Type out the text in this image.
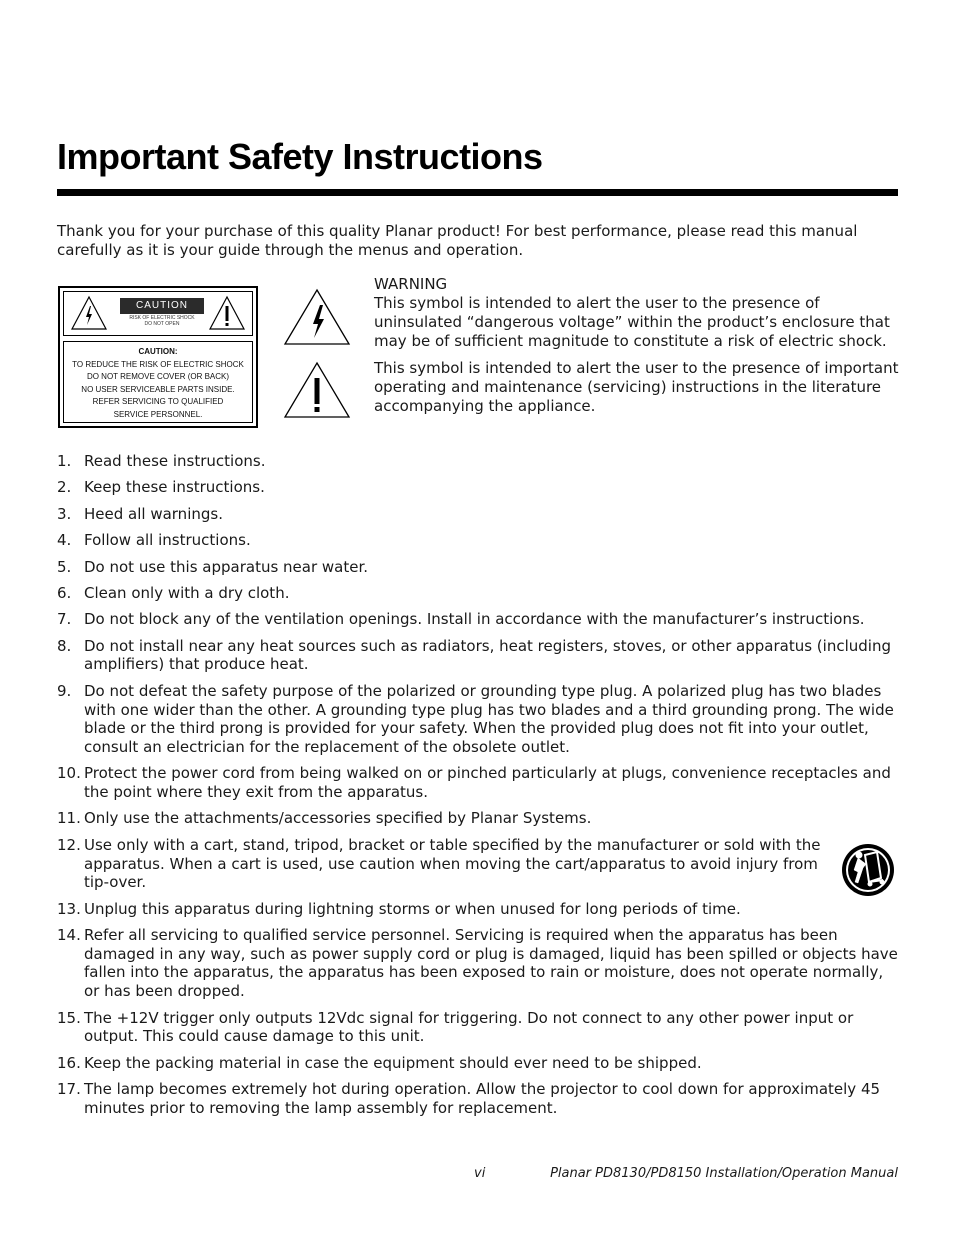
Important Safety Instructions

Thank you for your purchase of this quality Planar product! For best performance, please read this manual carefully as it is your guide through the menus and operation.

CAUTION
RISK OF ELECTRIC SHOCK
DO NOT OPEN
CAUTION:
TO REDUCE THE RISK OF ELECTRIC SHOCK
DO NOT REMOVE COVER (OR BACK)
NO USER SERVICEABLE PARTS INSIDE.
REFER SERVICING TO QUALIFIED
SERVICE PERSONNEL.

WARNING
This symbol is intended to alert the user to the presence of uninsulated “dangerous voltage” within the product’s enclosure that may be of sufficient magnitude to constitute a risk of electric shock.

This symbol is intended to alert the user to the presence of important operating and maintenance (servicing) instructions in the literature accompanying the appliance.

1. Read these instructions.
2. Keep these instructions.
3. Heed all warnings.
4. Follow all instructions.
5. Do not use this apparatus near water.
6. Clean only with a dry cloth.
7. Do not block any of the ventilation openings. Install in accordance with the manufacturer’s instructions.
8. Do not install near any heat sources such as radiators, heat registers, stoves, or other apparatus (including amplifiers) that produce heat.
9. Do not defeat the safety purpose of the polarized or grounding type plug. A polarized plug has two blades with one wider than the other. A grounding type plug has two blades and a third grounding prong. The wide blade or the third prong is provided for your safety. When the provided plug does not fit into your outlet, consult an electrician for the replacement of the obsolete outlet.
10. Protect the power cord from being walked on or pinched particularly at plugs, convenience receptacles and the point where they exit from the apparatus.
11. Only use the attachments/accessories specified by Planar Systems.
12. Use only with a cart, stand, tripod, bracket or table specified by the manufacturer or sold with the apparatus. When a cart is used, use caution when moving the cart/apparatus to avoid injury from tip-over.
13. Unplug this apparatus during lightning storms or when unused for long periods of time.
14. Refer all servicing to qualified service personnel. Servicing is required when the apparatus has been damaged in any way, such as power supply cord or plug is damaged, liquid has been spilled or objects have fallen into the apparatus, the apparatus has been exposed to rain or moisture, does not operate normally, or has been dropped.
15. The +12V trigger only outputs 12Vdc signal for triggering. Do not connect to any other power input or output. This could cause damage to this unit.
16. Keep the packing material in case the equipment should ever need to be shipped.
17. The lamp becomes extremely hot during operation. Allow the projector to cool down for approximately 45 minutes prior to removing the lamp assembly for replacement.
vi	Planar PD8130/PD8150 Installation/Operation Manual
